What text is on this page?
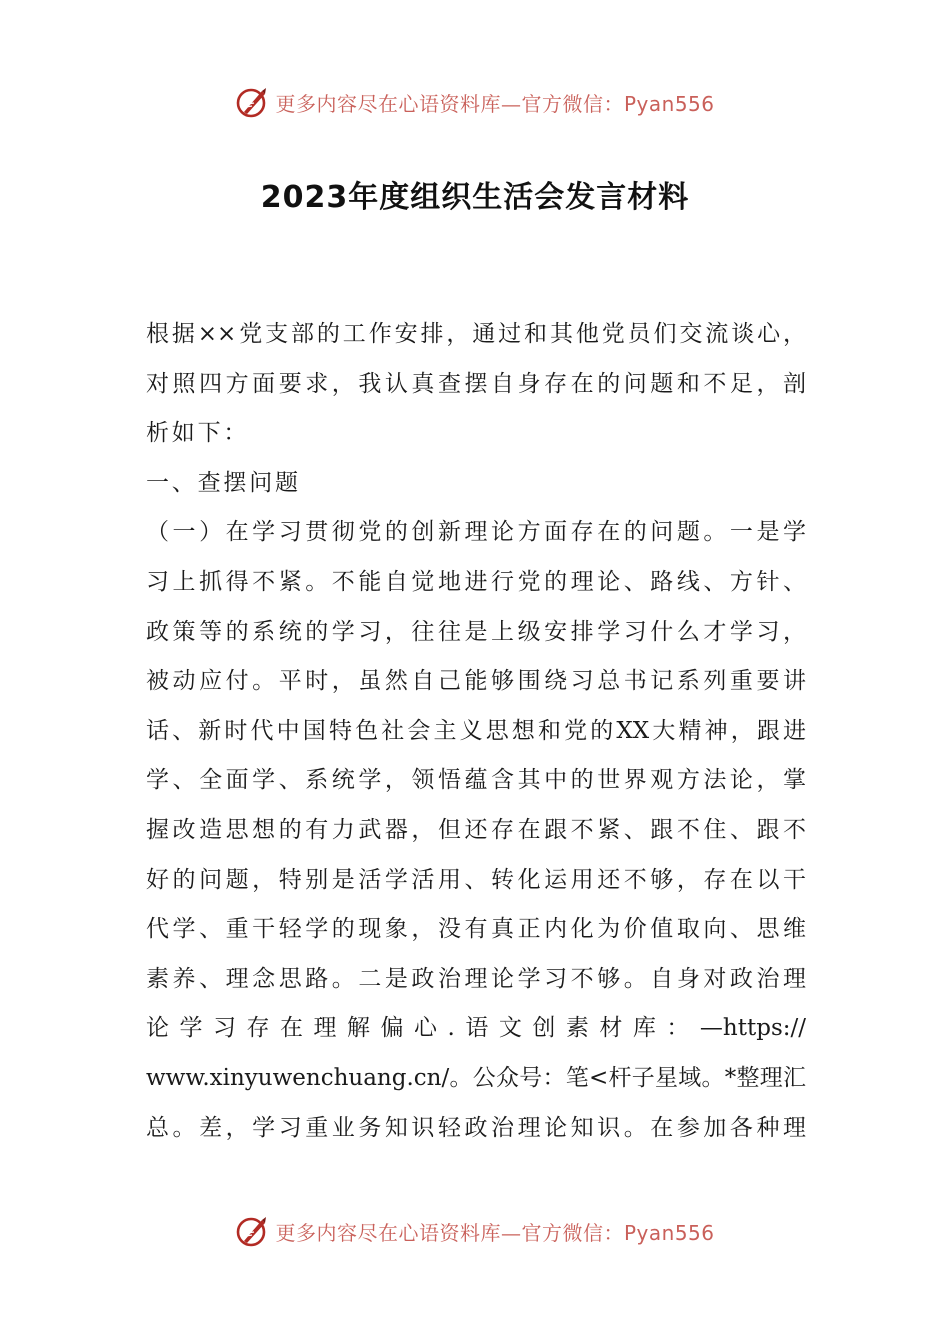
更多内容尽在心语资料库—官方微信：Pyan556
2023年度组织生活会发言材料
根据××党支部的工作安排，通过和其他党员们交流谈心，
对照四方面要求，我认真查摆自身存在的问题和不足，剖
析如下：
一、查摆问题
（一）在学习贯彻党的创新理论方面存在的问题。一是学
习上抓得不紧。不能自觉地进行党的理论、路线、方针、
政策等的系统的学习，往往是上级安排学习什么才学习，
被动应付。平时，虽然自己能够围绕习总书记系列重要讲
话、新时代中国特色社会主义思想和党的XX大精神，跟进
学、全面学、系统学，领悟蕴含其中的世界观方法论，掌
握改造思想的有力武器，但还存在跟不紧、跟不住、跟不
好的问题，特别是活学活用、转化运用还不够，存在以干
代学、重干轻学的现象，没有真正内化为价值取向、思维
素养、理念思路。二是政治理论学习不够。自身对政治理
论学习存在理解偏心.语文创素材库：—https://
www.xinyuwenchuang.cn/。公众号：笔<杆子星域。*整理汇
总。差，学习重业务知识轻政治理论知识。在参加各种理
更多内容尽在心语资料库—官方微信：Pyan556
